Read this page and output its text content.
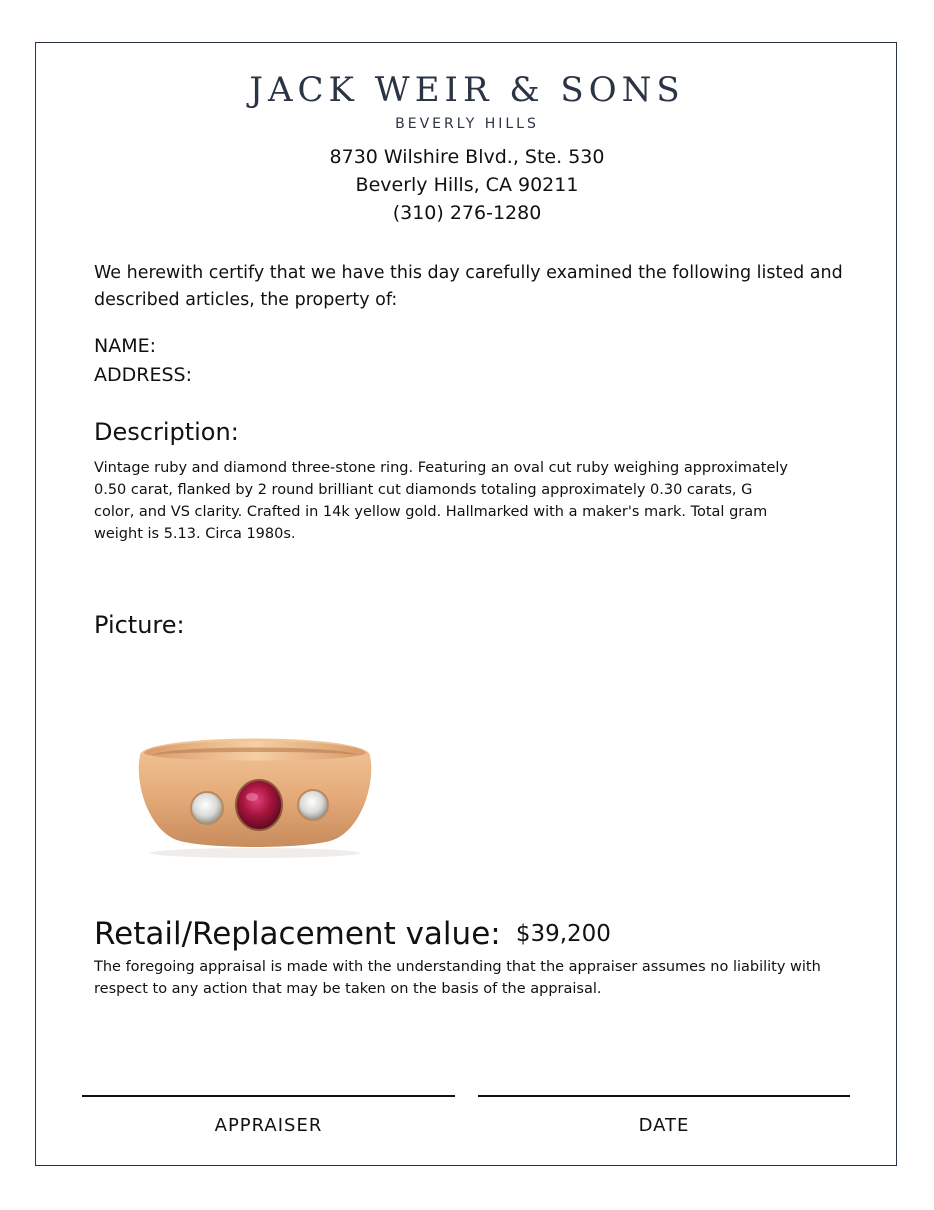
JACK WEIR & SONS
BEVERLY HILLS
8730 Wilshire Blvd., Ste. 530
Beverly Hills, CA 90211
(310) 276-1280
We herewith certify that we have this day carefully examined the following listed and described articles, the property of:
NAME:
ADDRESS:
Description:
Vintage ruby and diamond three-stone ring. Featuring an oval cut ruby weighing approximately 0.50 carat, flanked by 2 round brilliant cut diamonds totaling approximately 0.30 carats, G color, and VS clarity. Crafted in 14k yellow gold. Hallmarked with a maker's mark. Total gram weight is 5.13. Circa 1980s.
Picture:
Retail/Replacement value: $39,200
The foregoing appraisal is made with the understanding that the appraiser assumes no liability with respect to any action that may be taken on the basis of the appraisal.
APPRAISER	DATE
